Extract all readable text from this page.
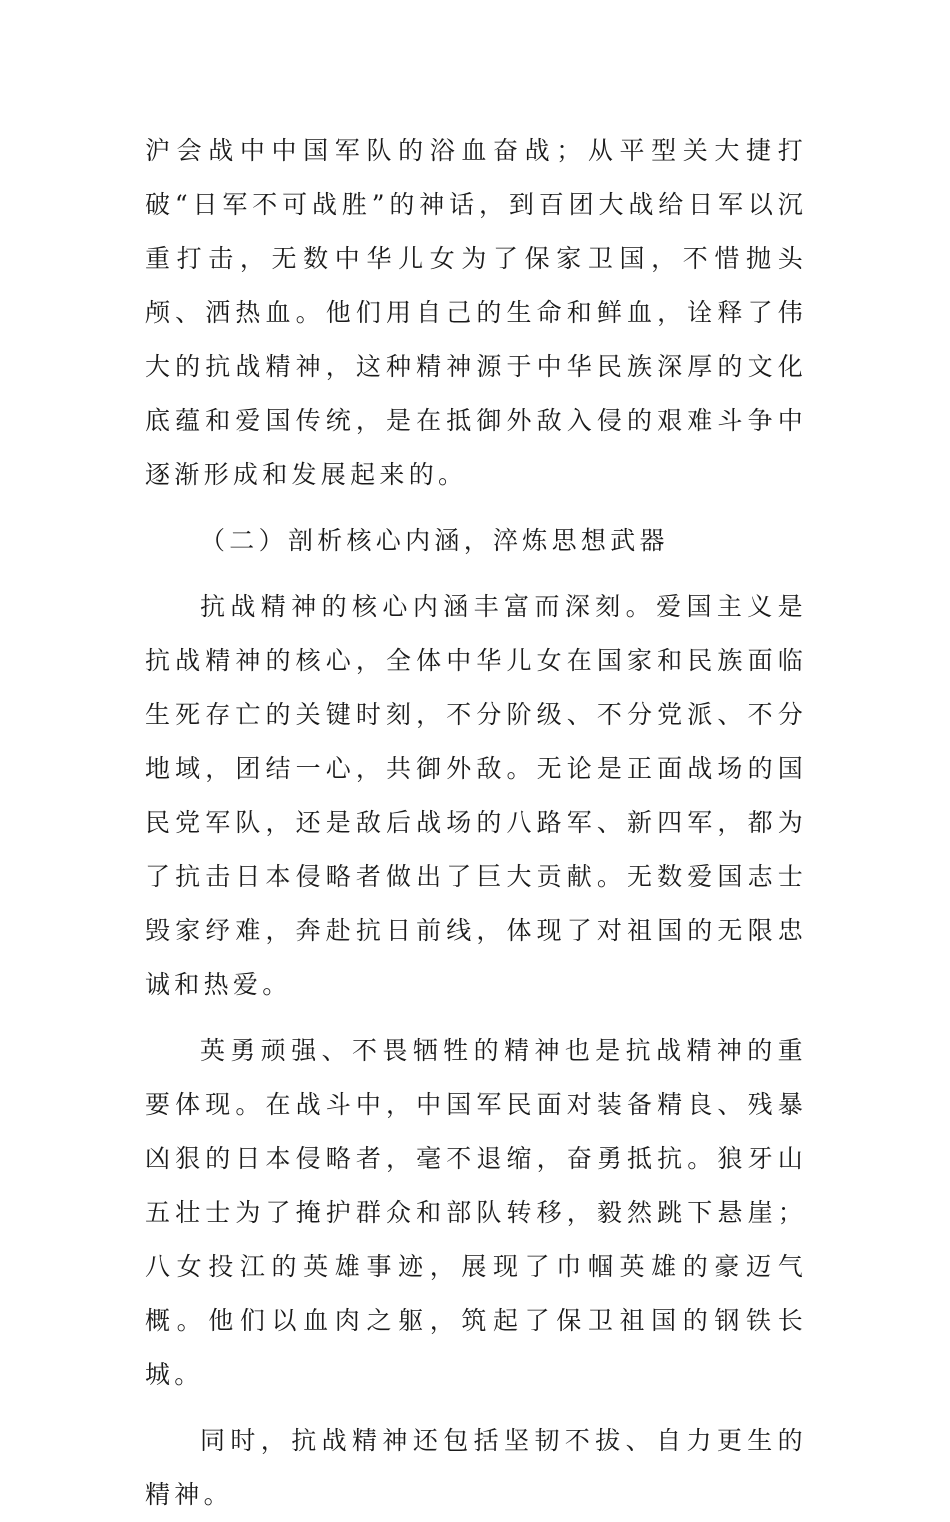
沪会战中中国军队的浴血奋战；从平型关大捷打破“日军不可战胜”的神话，到百团大战给日军以沉重打击，无数中华儿女为了保家卫国，不惜抛头颅、洒热血。他们用自己的生命和鲜血，诠释了伟大的抗战精神，这种精神源于中华民族深厚的文化底蕴和爱国传统，是在抵御外敌入侵的艰难斗争中逐渐形成和发展起来的。

（二）剖析核心内涵，淬炼思想武器

抗战精神的核心内涵丰富而深刻。爱国主义是抗战精神的核心，全体中华儿女在国家和民族面临生死存亡的关键时刻，不分阶级、不分党派、不分地域，团结一心，共御外敌。无论是正面战场的国民党军队，还是敌后战场的八路军、新四军，都为了抗击日本侵略者做出了巨大贡献。无数爱国志士毁家纾难，奔赴抗日前线，体现了对祖国的无限忠诚和热爱。

英勇顽强、不畏牺牲的精神也是抗战精神的重要体现。在战斗中，中国军民面对装备精良、残暴凶狠的日本侵略者，毫不退缩，奋勇抵抗。狼牙山五壮士为了掩护群众和部队转移，毅然跳下悬崖；八女投江的英雄事迹，展现了巾帼英雄的豪迈气概。他们以血肉之躯，筑起了保卫祖国的钢铁长城。

同时，抗战精神还包括坚韧不拔、自力更生的精神。
